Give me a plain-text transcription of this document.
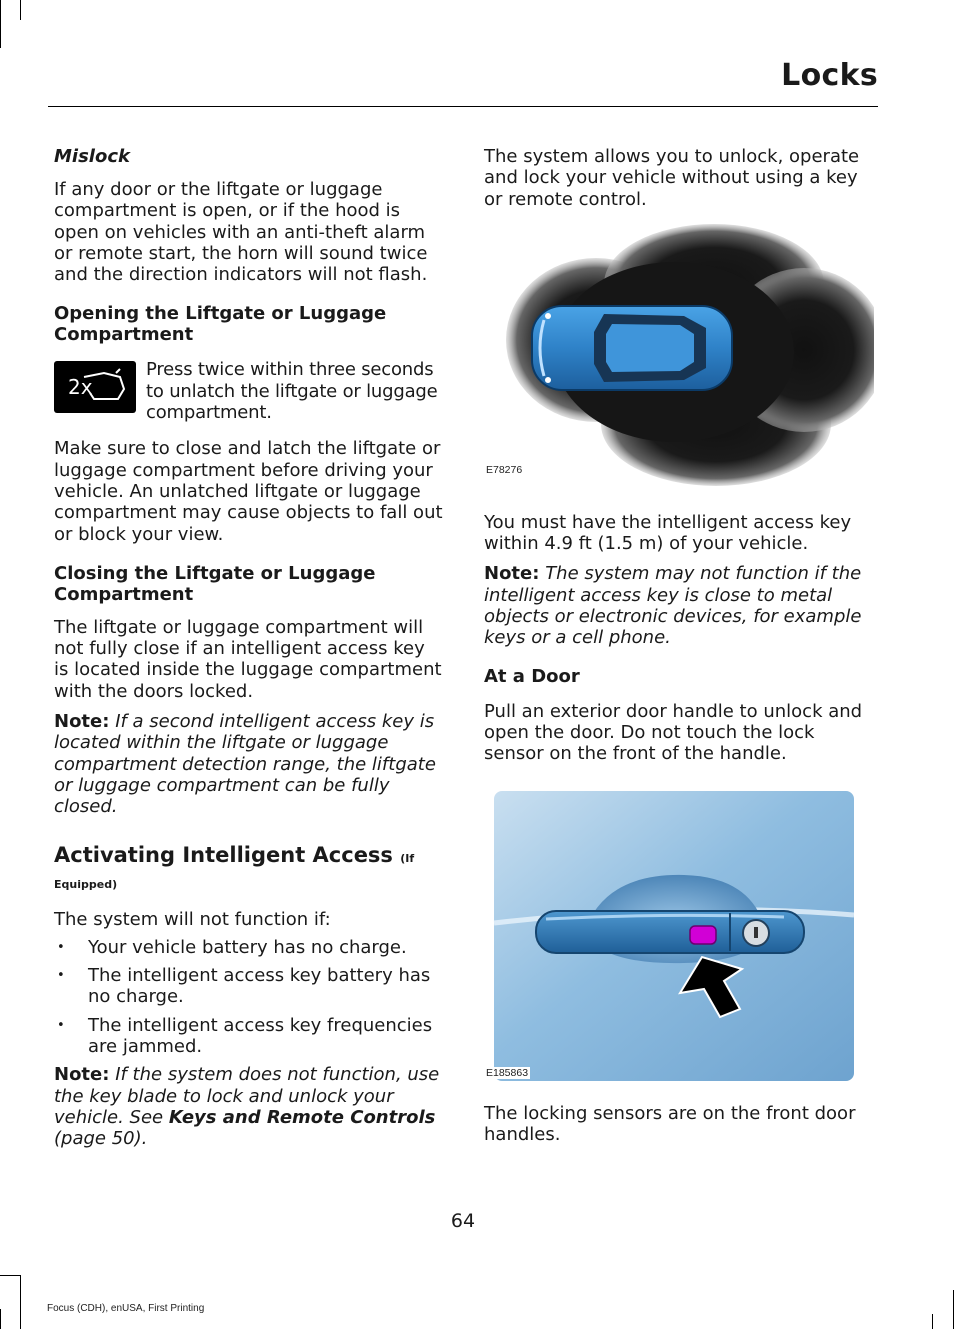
Locks
Mislock

If any door or the liftgate or luggage compartment is open, or if the hood is open on vehicles with an anti-theft alarm or remote start, the horn will sound twice and the direction indicators will not flash.

Opening the Liftgate or Luggage Compartment
2x

Press twice within three seconds to unlatch the liftgate or luggage compartment.

Make sure to close and latch the liftgate or luggage compartment before driving your vehicle. An unlatched liftgate or luggage compartment may cause objects to fall out or block your view.

Closing the Liftgate or Luggage Compartment

The liftgate or luggage compartment will not fully close if an intelligent access key is located inside the luggage compartment with the doors locked.

Note: If a second intelligent access key is located within the liftgate or luggage compartment detection range, the liftgate or luggage compartment can be fully closed.

Activating Intelligent Access (If
Equipped)

The system will not function if:

• Your vehicle battery has no charge.
• The intelligent access key battery has no charge.
• The intelligent access key frequencies are jammed.

Note: If the system does not function, use the key blade to lock and unlock your vehicle. See Keys and Remote Controls (page 50).

The system allows you to unlock, operate and lock your vehicle without using a key or remote control.

E78276

You must have the intelligent access key within 4.9 ft (1.5 m) of your vehicle.

Note: The system may not function if the intelligent access key is close to metal objects or electronic devices, for example keys or a cell phone.

At a Door

Pull an exterior door handle to unlock and open the door. Do not touch the lock sensor on the front of the handle.

E185863

The locking sensors are on the front door handles.

64
Focus (CDH), enUSA, First Printing
